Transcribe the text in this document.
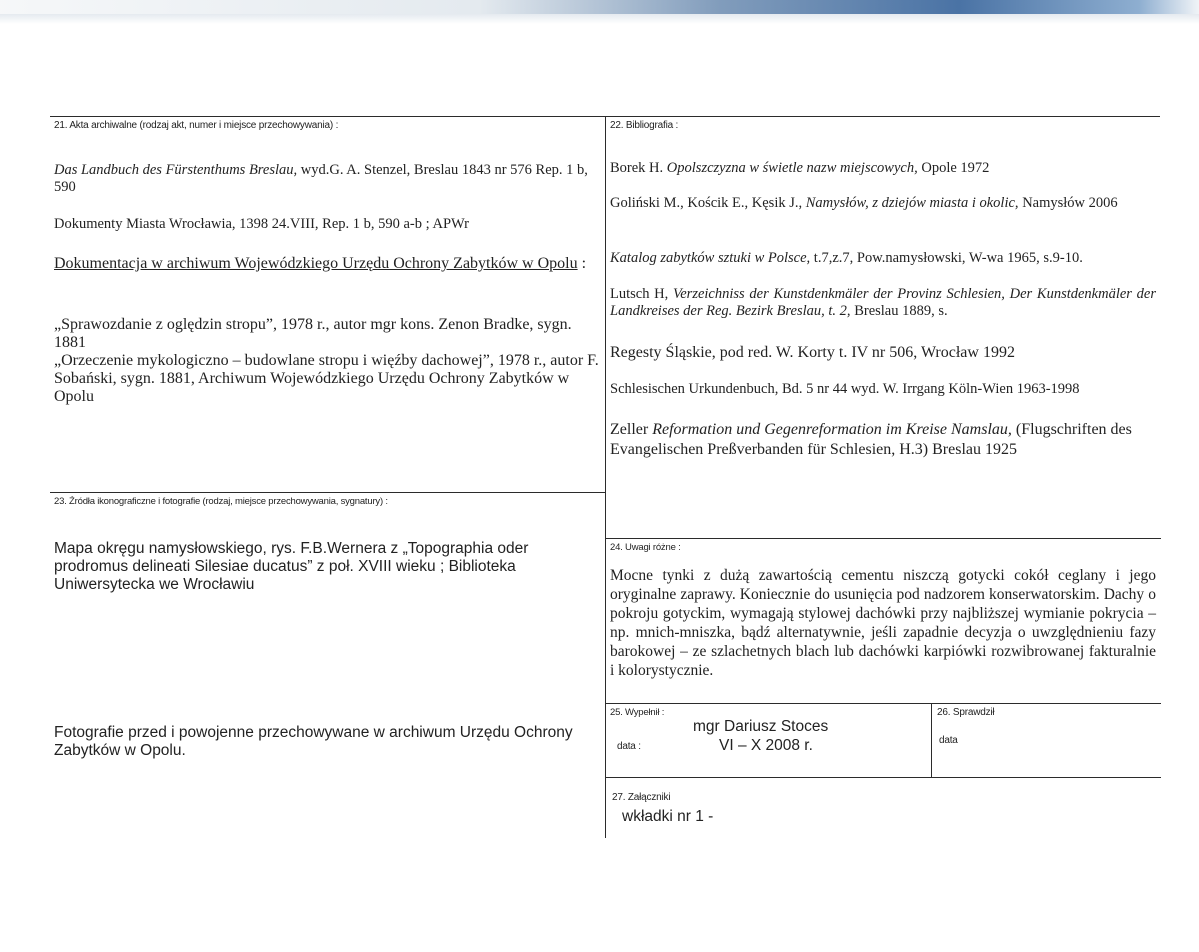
21. Akta archiwalne (rodzaj akt, numer i miejsce przechowywania) :
Das Landbuch des Fürstenthums Breslau, wyd.G. A. Stenzel, Breslau 1843 nr 576 Rep. 1 b, 590
Dokumenty Miasta Wrocławia, 1398 24.VIII, Rep. 1 b, 590 a-b ; APWr
Dokumentacja w archiwum Wojewódzkiego Urzędu Ochrony Zabytków w Opolu :
„Sprawozdanie z oględzin stropu”, 1978 r., autor mgr kons. Zenon Bradke, sygn. 1881
„Orzeczenie mykologiczno – budowlane stropu i więźby dachowej”, 1978 r., autor F. Sobański, sygn. 1881, Archiwum Wojewódzkiego Urzędu Ochrony Zabytków w Opolu
22. Bibliografia :
Borek H. Opolszczyzna w świetle nazw miejscowych, Opole 1972
Goliński M., Kościk E., Kęsik J., Namysłów, z dziejów miasta i okolic, Namysłów 2006
Katalog zabytków sztuki w Polsce, t.7,z.7, Pow.namysłowski, W-wa 1965, s.9-10.
Lutsch H, Verzeichniss der Kunstdenkmäler der Provinz Schlesien, Der Kunstdenkmäler der Landkreises der Reg. Bezirk Breslau, t. 2, Breslau 1889, s.
Regesty Śląskie, pod red. W. Korty t. IV nr 506, Wrocław 1992
Schlesischen Urkundenbuch, Bd. 5 nr 44 wyd. W. Irrgang Köln-Wien 1963-1998
Zeller Reformation und Gegenreformation im Kreise Namslau, (Flugschriften des Evangelischen Preßverbanden für Schlesien, H.3) Breslau 1925
23. Źródła ikonograficzne i fotografie (rodzaj, miejsce przechowywania, sygnatury) :
Mapa okręgu namysłowskiego, rys. F.B.Wernera z „Topographia oder prodromus delineati Silesiae ducatus” z poł. XVIII wieku ; Biblioteka Uniwersytecka we Wrocławiu
Fotografie przed i powojenne przechowywane w archiwum Urzędu Ochrony Zabytków w Opolu.
24. Uwagi różne :
Mocne tynki z dużą zawartością cementu niszczą gotycki cokół ceglany i jego oryginalne zaprawy. Koniecznie do usunięcia pod nadzorem konserwatorskim. Dachy o pokroju gotyckim, wymagają stylowej dachówki przy najbliższej wymianie pokrycia – np. mnich-mniszka, bądź alternatywnie, jeśli zapadnie decyzja o uwzględnieniu fazy barokowej – ze szlachetnych blach lub dachówki karpiówki rozwibrowanej fakturalnie i kolorystycznie.
25. Wypełnił :
mgr Dariusz Stoces
data :	VI – X 2008 r.
26. Sprawdził
data
27. Załączniki
wkładki nr 1 -
